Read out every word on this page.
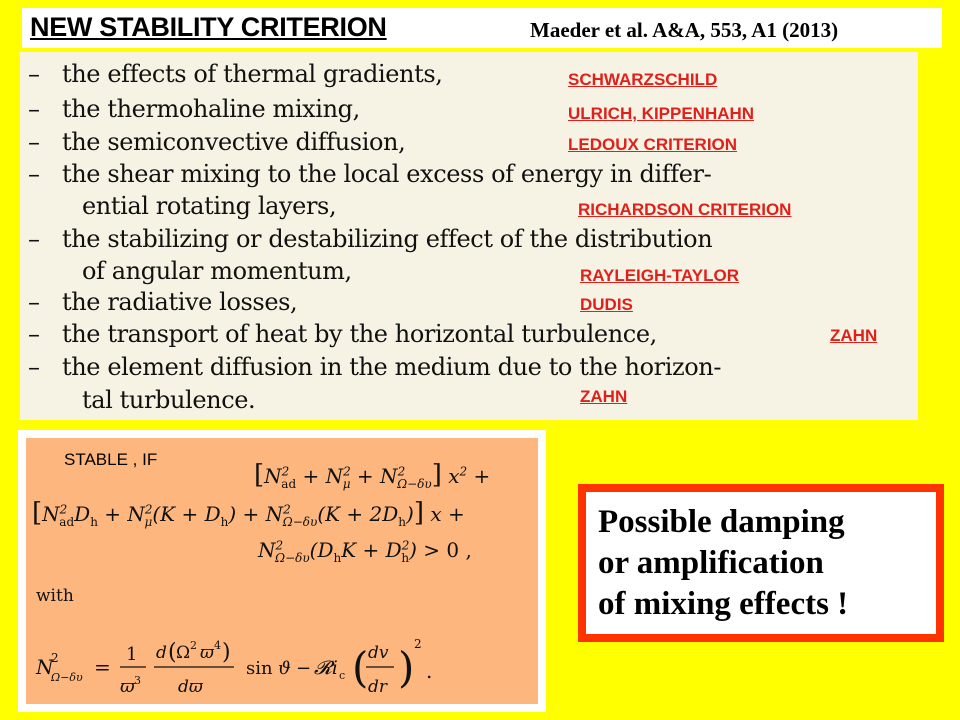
NEW STABILITY CRITERION	Maeder et al. A&A, 553, A1 (2013)
– the effects of thermal gradients,
– the thermohaline mixing,
– the semiconvective diffusion,
– the shear mixing to the local excess of energy in differ-
ential rotating layers,
– the stabilizing or destabilizing effect of the distribution
of angular momentum,
– the radiative losses,
– the transport of heat by the horizontal turbulence,
– the element diffusion in the medium due to the horizon-
tal turbulence.
SCHWARZSCHILD
ULRICH, KIPPENHAHN
LEDOUX CRITERION
RICHARDSON CRITERION
RAYLEIGH-TAYLOR
DUDIS
ZAHN
ZAHN
STABLE , IF
$[N^2_{ad} + N^2_\mu + N^2_{\Omega-\delta\upsilon}] x^2$ +
$[N^2_{ad}D_h + N^2_\mu(K + D_h) + N^2_{\Omega-\delta\upsilon}(K + 2D_h)] x$ +
$N^2_{\Omega-\delta\upsilon}(D_hK + D^2_h) > 0$ ,
with
N
2
Ω−δυ =
1
ϖ 3
d ( Ω 2 ϖ 4 )
dϖ
sin ϑ − 𝓡i c ( dv
dr ) 2
.
Possible damping
or amplification
of mixing effects !
